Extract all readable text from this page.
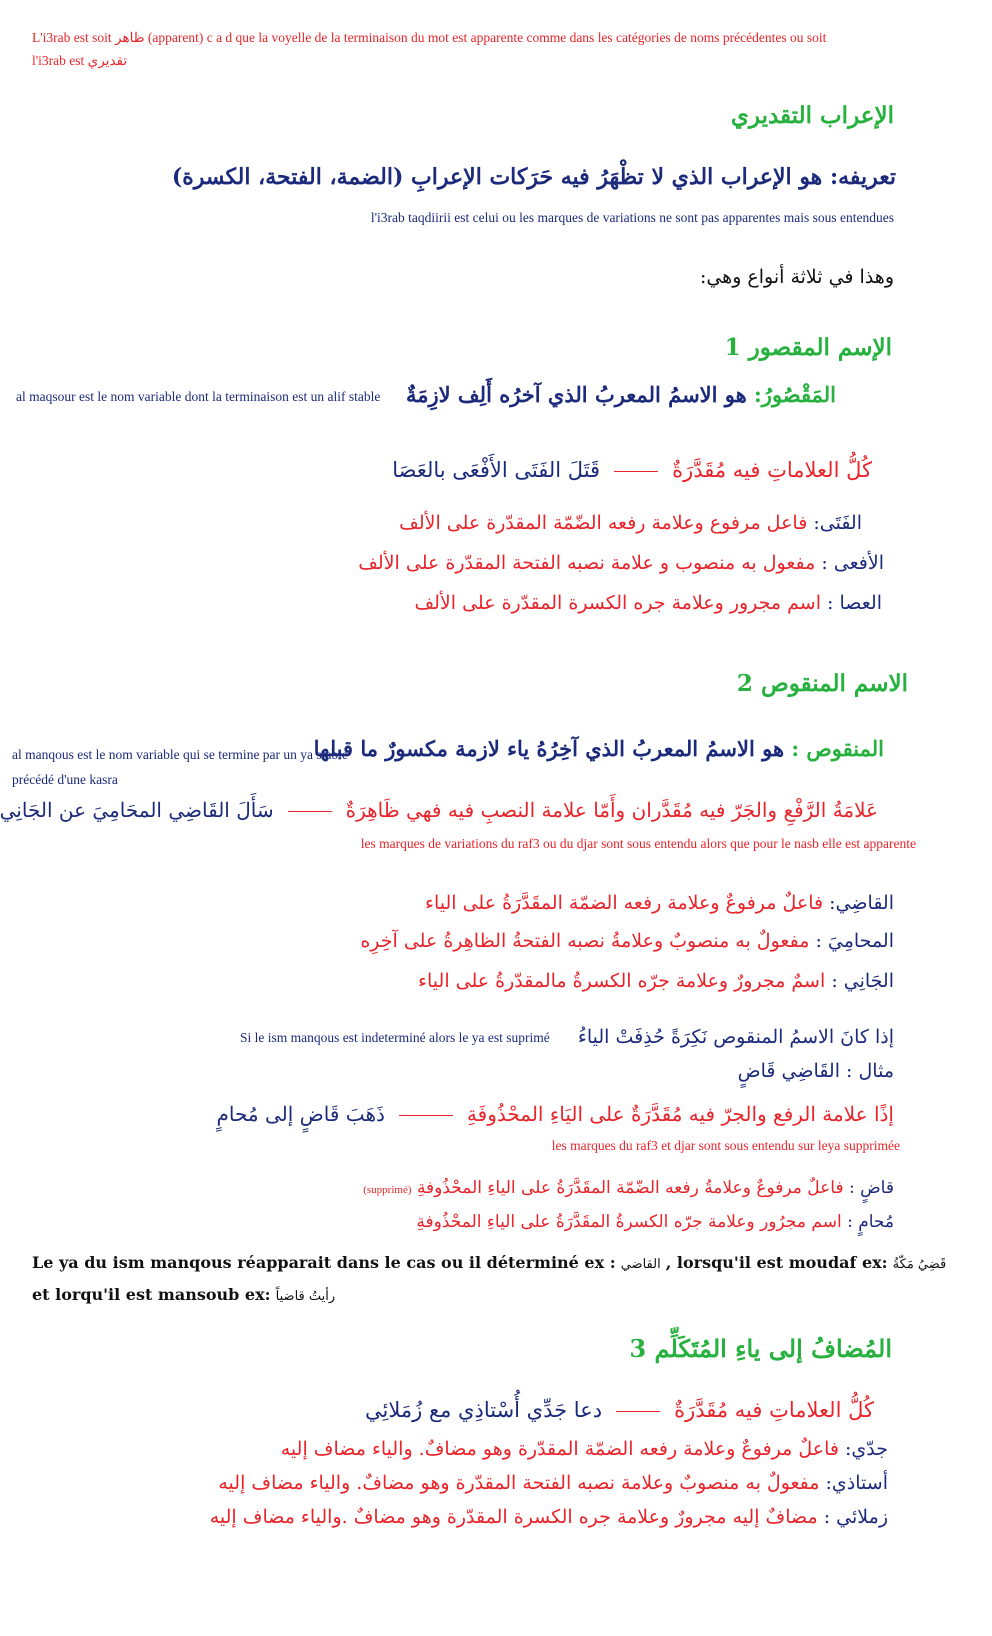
L'i3rab est soit ظاهر (apparent) c a d que la voyelle de la terminaison du mot est apparente comme dans les catégories de noms précédentes ou soit
l'i3rab est تقديري
الإعراب التقديري
تعريفه: هو الإعراب الذي لا تظْهَرُ فيه حَرَكات الإعرابِ (الضمة، الفتحة، الكسرة)
l'i3rab taqdiirii est celui ou les marques de variations ne sont pas apparentes mais sous entendues
وهذا في ثلاثة أنواع وهي:
الإسم المقصور 1
المَقْصُورُ: هو الاسمُ المعربُ الذي آخرُه أَلِف لازِمَةٌ
al maqsour est le nom variable dont la terminaison est un alif stable
كُلُّ العلاماتِ فيه مُقَدَّرَةٌقَتَلَ الفَتَى الأَفْعَى بالعَصَا
الفَتَى: فاعل مرفوع وعلامة رفعه الضّمّة المقدّرة على الألف
الأفعى : مفعول به منصوب و علامة نصبه الفتحة المقدّرة على الألف
العصا : اسم مجرور وعلامة جره الكسرة المقدّرة على الألف
الاسم المنقوص 2
المنقوص : هو الاسمُ المعربُ الذي آخِرُهُ ياء لازمة مكسورٌ ما قبلها
al manqous est le nom variable qui se termine par un ya stable
précédé d'une kasra
عَلامَةُ الرَّفْعِ والجَرّ فيه مُقَدَّران وأَمّا علامة النصبِ فيه فهي ظَاهِرَةٌسَأَلَ القَاضِي المحَامِيَ عن الجَانِي
les marques de variations du raf3 ou du djar sont sous entendu alors que pour le nasb elle est apparente
القاضِي: فاعلٌ مرفوعٌ وعلامة رفعه الضمّة المقَدَّرَةُ على الياء
المحامِيَ : مفعولٌ به منصوبٌ وعلامةُ نصبه الفتحةُ الظاهِرةُ على آخِرِه
الجَانِي : اسمٌ مجرورٌ وعلامة جرّه الكسرةُ مالمقدّرةُ على الياء
إذا كانَ الاسمُ المنقوص نَكِرَةً حُذِفَتْ الياءُ
Si le ism manqous est indeterminé alors le ya est suprimé
مثال : القَاضِي قَاضٍ
إذًا علامة الرفع والجرّ فيه مُقَدَّرَةٌ على اليَاءِ المحْذُوفَةِذَهَبَ قَاضٍ إلى مُحامٍ
les marques du raf3 et djar sont sous entendu sur leya supprimée
قاضٍ : فاعلٌ مرفوعٌ وعلامةُ رفعه الضّمّة المقَدَّرَةُ على الياءِ المحْذُوفةِ (supprimé)
مُحامٍ : اسم مجرُور وعلامة جرّه الكسرةُ المقَدَّرَةُ على الياءِ المحْذُوفةِ
Le ya du ism manqous réapparait dans le cas ou il déterminé ex : القاضي , lorsqu'il est moudaf ex: قَضِيُ مَكّةُ et lorqu'il est mansoub ex: رأيتُ قاضياً
المُضافُ إلى ياءِ المُتَكَلِّم 3
كُلُّ العلاماتِ فيه مُقَدَّرَةٌدعا جَدِّي أُسْتاذِي مع زُمَلائِي
جدّي: فاعلٌ مرفوعٌ وعلامة رفعه الضمّة المقدّرة وهو مضافٌ. والياء مضاف إليه
أستاذي: مفعولٌ به منصوبٌ وعلامة نصبه الفتحة المقدّرة وهو مضافٌ. والياء مضاف إليه
زملائي : مضافٌ إليه مجرورٌ وعلامة جره الكسرة المقدّرة وهو مضافٌ .والياء مضاف إليه
